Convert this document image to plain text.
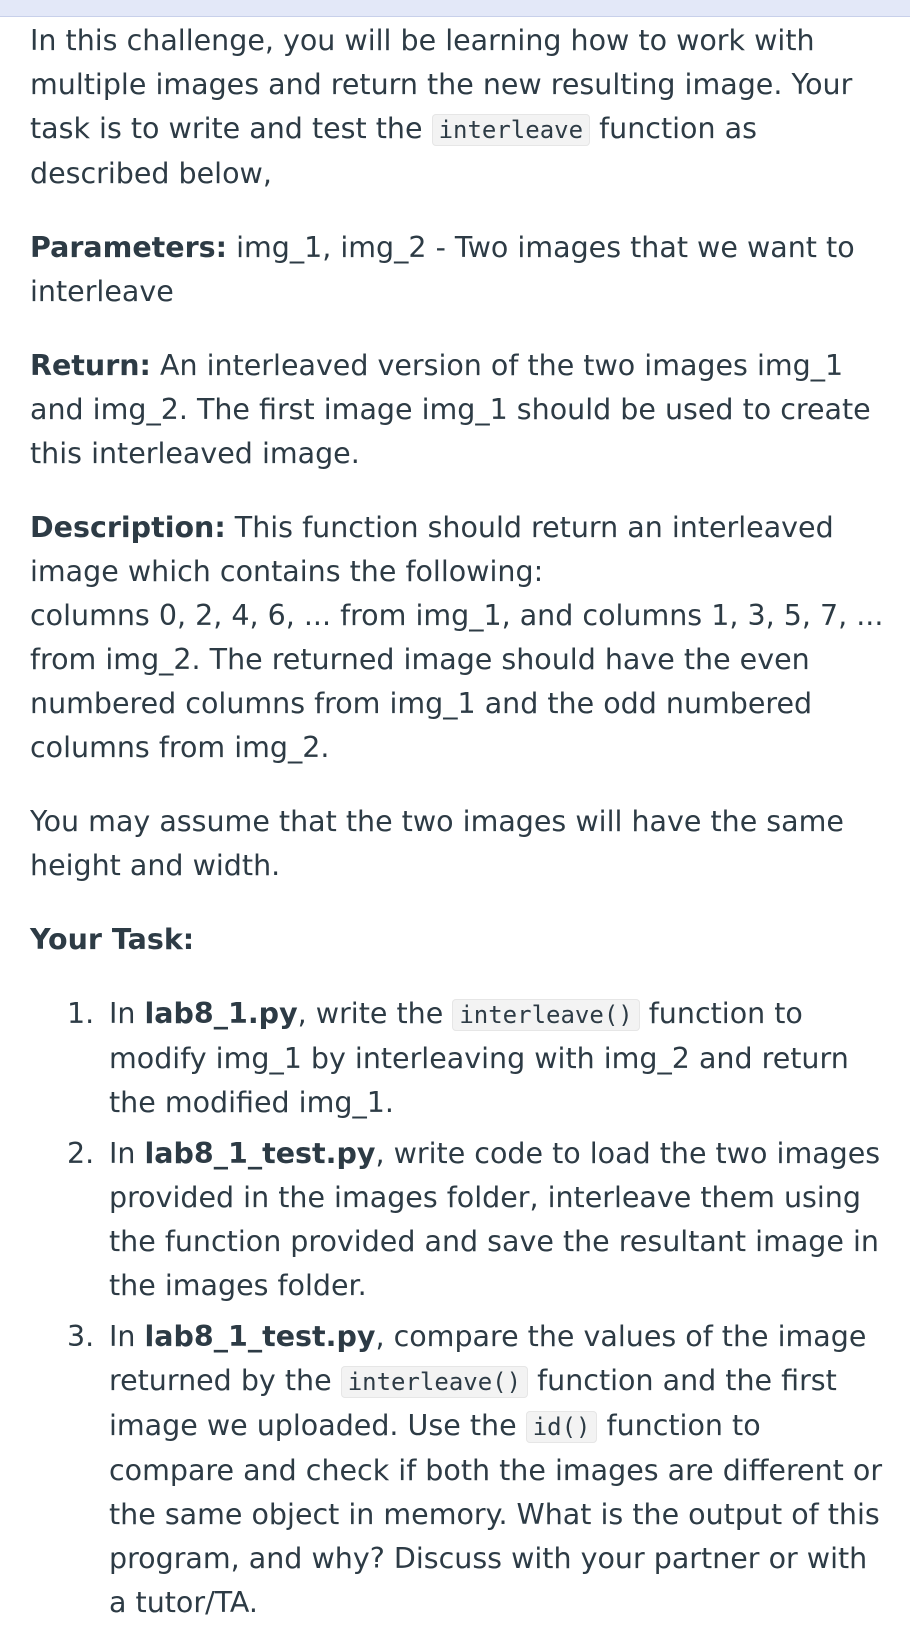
In this challenge, you will be learning how to work with multiple images and return the new resulting image. Your task is to write and test the interleave function as described below,

Parameters: img_1, img_2 - Two images that we want to interleave

Return: An interleaved version of the two images img_1 and img_2. The first image img_1 should be used to create this interleaved image.

Description: This function should return an interleaved image which contains the following:
columns 0, 2, 4, 6, ... from img_1, and columns 1, 3, 5, 7, ... from img_2. The returned image should have the even numbered columns from img_1 and the odd numbered columns from img_2.

You may assume that the two images will have the same height and width.

Your Task:

1. In lab8_1.py, write the interleave() function to modify img_1 by interleaving with img_2 and return the modified img_1.
2. In lab8_1_test.py, write code to load the two images provided in the images folder, interleave them using the function provided and save the resultant image in the images folder.
3. In lab8_1_test.py, compare the values of the image returned by the interleave() function and the first image we uploaded. Use the id() function to compare and check if both the images are different or the same object in memory. What is the output of this program, and why? Discuss with your partner or with a tutor/TA.
